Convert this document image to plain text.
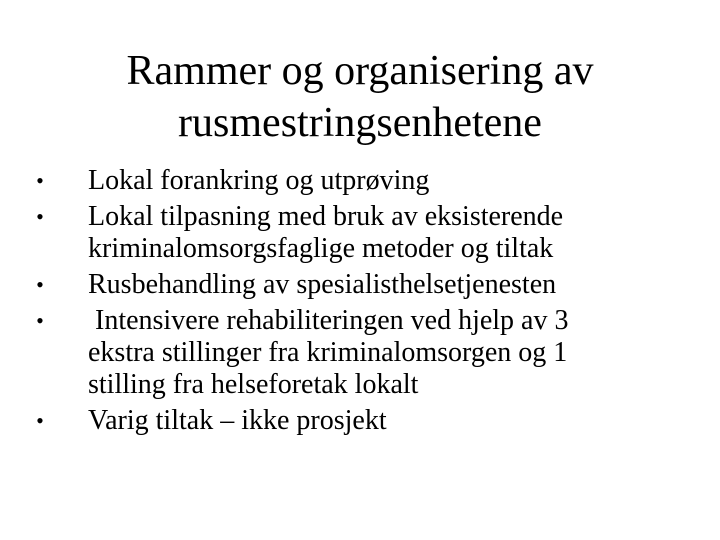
Rammer og organisering av
rusmestringsenhetene
• Lokal forankring og utprøving
• Lokal tilpasning med bruk av eksisterende
kriminalomsorgsfaglige metoder og tiltak
• Rusbehandling av spesialisthelsetjenesten
• Intensivere rehabiliteringen ved hjelp av 3
ekstra stillinger fra kriminalomsorgen og 1
stilling fra helseforetak lokalt
• Varig tiltak – ikke prosjekt
